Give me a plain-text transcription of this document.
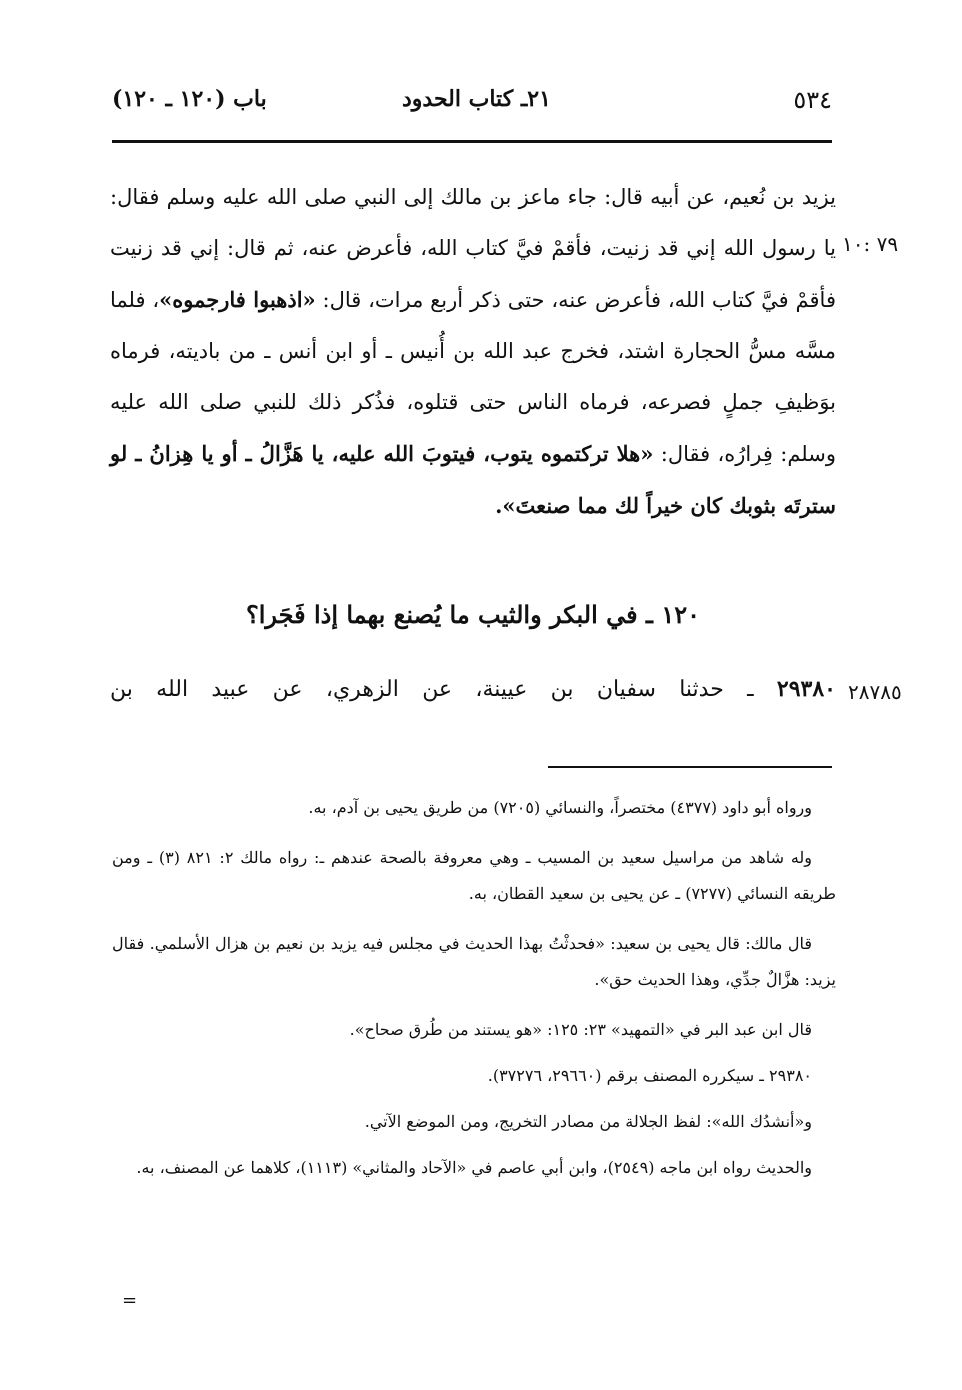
٥٣٤
٢١ـ كتاب الحدود
باب (١٢٠ ـ ١٢٠)
٧٩ :١٠
٢٨٧٨٥

يزيد بن نُعيم، عن أبيه قال: جاء ماعز بن مالك إلى النبي صلى الله عليه وسلم فقال: يا رسول الله إني قد زنيت، فأقمْ فيَّ كتاب الله، فأعرض عنه، ثم قال: إني قد زنيت فأقمْ فيَّ كتاب الله، فأعرض عنه، حتى ذكر أربع مرات، قال: «اذهبوا فارجموه»، فلما مسَّه مسُّ الحجارة اشتد، فخرج عبد الله بن أُنيس ـ أو ابن أنس ـ من باديته، فرماه بوَظيفِ جملٍ فصرعه، فرماه الناس حتى قتلوه، فذُكر ذلك للنبي صلى الله عليه وسلم: فِرارُه، فقال: «هلا تركتموه يتوب، فيتوبَ الله عليه، يا هَزَّالُ ـ أو يا هِزانُ ـ لو سترتَه بثوبك كان خيراً لك مما صنعتَ».

١٢٠ ـ في البكر والثيب ما يُصنع بهما إذا فَجَرا؟
٢٩٣٨٠ ـ حدثنا سفيان بن عيينة، عن الزهري، عن عبيد الله بن

ورواه أبو داود (٤٣٧٧) مختصراً، والنسائي (٧٢٠٥) من طريق يحيى بن آدم، به.

وله شاهد من مراسيل سعيد بن المسيب ـ وهي معروفة بالصحة عندهم ـ: رواه مالك ٢: ٨٢١ (٣) ـ ومن طريقه النسائي (٧٢٧٧) ـ عن يحيى بن سعيد القطان، به.

قال مالك: قال يحيى بن سعيد: «فحدثْتُ بهذا الحديث في مجلس فيه يزيد بن نعيم بن هزال الأسلمي. فقال يزيد: هزَّالٌ جدِّي، وهذا الحديث حق».

قال ابن عبد البر في «التمهيد» ٢٣: ١٢٥: «هو يستند من طُرق صحاح».

٢٩٣٨٠ ـ سيكرره المصنف برقم (٢٩٦٦٠، ٣٧٢٧٦).

و«أنشدُك الله»: لفظ الجلالة من مصادر التخريج، ومن الموضع الآتي.

والحديث رواه ابن ماجه (٢٥٤٩)، وابن أبي عاصم في «الآحاد والمثاني» (١١١٣)، كلاهما عن المصنف، به.

=
